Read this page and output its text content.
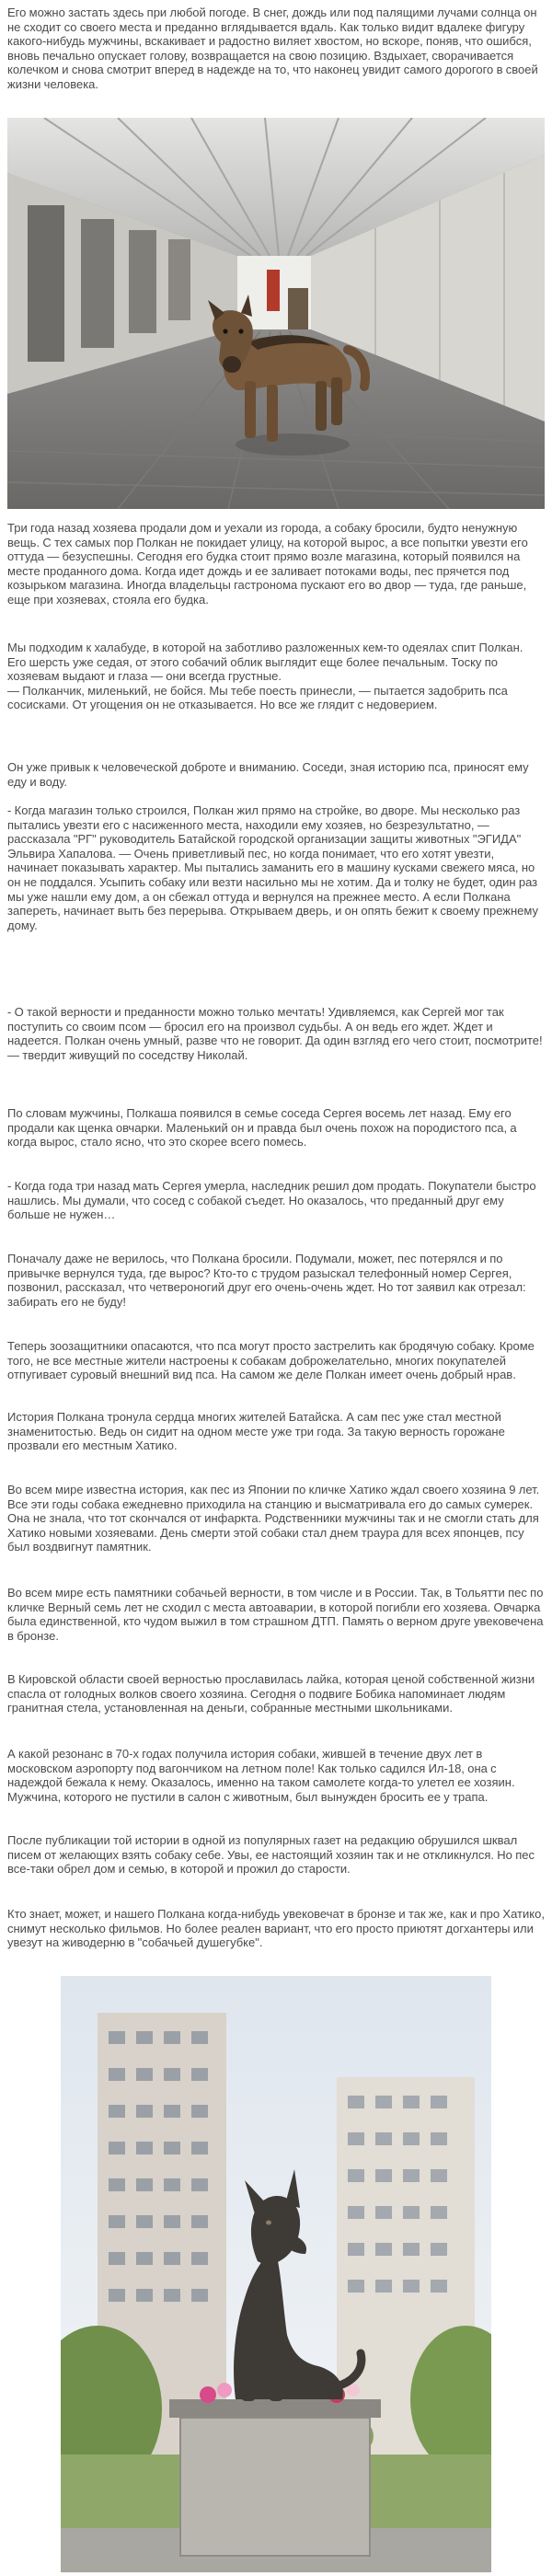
Его можно застать здесь при любой погоде. В снег, дождь или под палящими лучами солнца он не сходит со своего места и преданно вглядывается вдаль. Как только видит вдалеке фигуру какого-нибудь мужчины, вскакивает и радостно виляет хвостом, но вскоре, поняв, что ошибся, вновь печально опускает голову, возвращается на свою позицию. Вздыхает, сворачивается колечком и снова смотрит вперед в надежде на то, что наконец увидит самого дорогого в своей жизни человека.

Три года назад хозяева продали дом и уехали из города, а собаку бросили, будто ненужную вещь. С тех самых пор Полкан не покидает улицу, на которой вырос, а все попытки увезти его оттуда — безуспешны. Сегодня его будка стоит прямо возле магазина, который появился на месте проданного дома. Когда идет дождь и ее заливает потоками воды, пес прячется под козырьком магазина. Иногда владельцы гастронома пускают его во двор — туда, где раньше, еще при хозяевах, стояла его будка.

Мы подходим к халабуде, в которой на заботливо разложенных кем-то одеялах спит Полкан. Его шерсть уже седая, от этого собачий облик выглядит еще более печальным. Тоску по хозяевам выдают и глаза — они всегда грустные.
— Полканчик, миленький, не бойся. Мы тебе поесть принесли, — пытается задобрить пса сосисками. От угощения он не отказывается. Но все же глядит с недоверием.

Он уже привык к человеческой доброте и вниманию. Соседи, зная историю пса, приносят ему еду и воду.

- Когда магазин только строился, Полкан жил прямо на стройке, во дворе. Мы несколько раз пытались увезти его с насиженного места, находили ему хозяев, но безрезультатно, — рассказала "РГ" руководитель Батайской городской организации защиты животных "ЭГИДА" Эльвира Хапалова. — Очень приветливый пес, но когда понимает, что его хотят увезти, начинает показывать характер. Мы пытались заманить его в машину кусками свежего мяса, но он не поддался. Усыпить собаку или везти насильно мы не хотим. Да и толку не будет, один раз мы уже нашли ему дом, а он сбежал оттуда и вернулся на прежнее место. А если Полкана запереть, начинает выть без перерыва. Открываем дверь, и он опять бежит к своему прежнему дому.

- О такой верности и преданности можно только мечтать! Удивляемся, как Сергей мог так поступить со своим псом — бросил его на произвол судьбы. А он ведь его ждет. Ждет и надеется. Полкан очень умный, разве что не говорит. Да один взгляд его чего стоит, посмотрите! — твердит живущий по соседству Николай.

По словам мужчины, Полкаша появился в семье соседа Сергея восемь лет назад. Ему его продали как щенка овчарки. Маленький он и правда был очень похож на породистого пса, а когда вырос, стало ясно, что это скорее всего помесь.

- Когда года три назад мать Сергея умерла, наследник решил дом продать. Покупатели быстро нашлись. Мы думали, что сосед с собакой съедет. Но оказалось, что преданный друг ему больше не нужен…

Поначалу даже не верилось, что Полкана бросили. Подумали, может, пес потерялся и по привычке вернулся туда, где вырос? Кто-то с трудом разыскал телефонный номер Сергея, позвонил, рассказал, что четвероногий друг его очень-очень ждет. Но тот заявил как отрезал: забирать его не буду!

Теперь зоозащитники опасаются, что пса могут просто застрелить как бродячую собаку. Кроме того, не все местные жители настроены к собакам доброжелательно, многих покупателей отпугивает суровый внешний вид пса. На самом же деле Полкан имеет очень добрый нрав.

История Полкана тронула сердца многих жителей Батайска. А сам пес уже стал местной знаменитостью. Ведь он сидит на одном месте уже три года. За такую верность горожане прозвали его местным Хатико.

Во всем мире известна история, как пес из Японии по кличке Хатико ждал своего хозяина 9 лет. Все эти годы собака ежедневно приходила на станцию и высматривала его до самых сумерек. Она не знала, что тот скончался от инфаркта. Родственники мужчины так и не смогли стать для Хатико новыми хозяевами. День смерти этой собаки стал днем траура для всех японцев, псу был воздвигнут памятник.

Во всем мире есть памятники собачьей верности, в том числе и в России. Так, в Тольятти пес по кличке Верный семь лет не сходил с места автоаварии, в которой погибли его хозяева. Овчарка была единственной, кто чудом выжил в том страшном ДТП. Память о верном друге увековечена в бронзе.

В Кировской области своей верностью прославилась лайка, которая ценой собственной жизни спасла от голодных волков своего хозяина. Сегодня о подвиге Бобика напоминает людям гранитная стела, установленная на деньги, собранные местными школьниками.

А какой резонанс в 70-х годах получила история собаки, жившей в течение двух лет в московском аэропорту под вагончиком на летном поле! Как только садился Ил-18, она с надеждой бежала к нему. Оказалось, именно на таком самолете когда-то улетел ее хозяин. Мужчина, которого не пустили в салон с животным, был вынужден бросить ее у трапа.

После публикации той истории в одной из популярных газет на редакцию обрушился шквал писем от желающих взять собаку себе. Увы, ее настоящий хозяин так и не откликнулся. Но пес все-таки обрел дом и семью, в которой и прожил до старости.

Кто знает, может, и нашего Полкана когда-нибудь увековечат в бронзе и так же, как и про Хатико, снимут несколько фильмов. Но более реален вариант, что его просто приютят догхантеры или увезут на живодерню в "собачьей душегубке".
